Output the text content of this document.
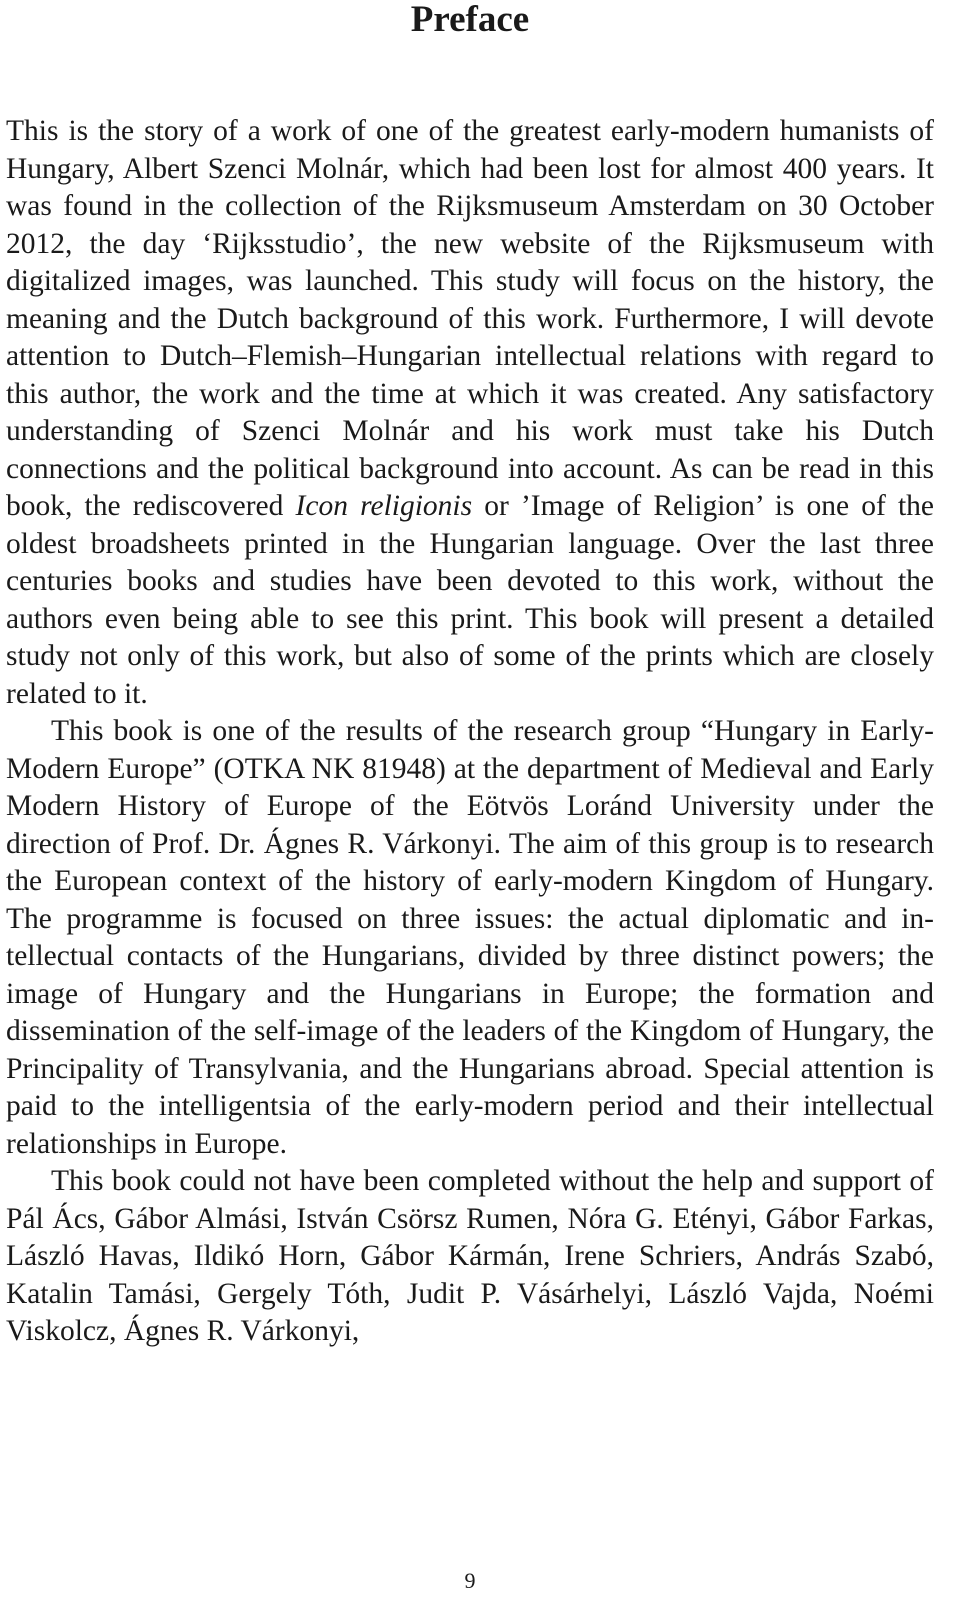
Preface

This is the story of a work of one of the greatest early-modern humanists of Hungary, Albert Szenci Molnár, which had been lost for almost 400 years. It was found in the collection of the Rijksmuseum Amsterdam on 30 October 2012, the day ‘Rijksstudio’, the new website of the Rijksmuseum with digitalized images, was launched. This study will focus on the history, the meaning and the Dutch background of this work. Furthermore, I will devote attention to Dutch–Flemish–Hungarian intellectual relations with regard to this author, the work and the time at which it was created. Any satisfactory understanding of Szenci Molnár and his work must take his Dutch connections and the political background into account. As can be read in this book, the rediscovered Icon religionis or ’Image of Religion’ is one of the oldest broadsheets printed in the Hungarian language. Over the last three centuries books and studies have been devoted to this work, without the authors even being able to see this print. This book will present a detailed study not only of this work, but also of some of the prints which are closely related to it.

This book is one of the results of the research group “Hungary in Early-Modern Europe” (OTKA NK 81948) at the department of Medieval and Early Modern History of Europe of the Eötvös Loránd University under the direction of Prof. Dr. Ágnes R. Várkonyi. The aim of this group is to research the European context of the history of early-modern Kingdom of Hungary. The programme is focused on three issues: the actual diplomatic and intellectual contacts of the Hungarians, divided by three distinct powers; the image of Hungary and the Hungarians in Europe; the formation and dissemination of the self-image of the leaders of the Kingdom of Hungary, the Principality of Transylvania, and the Hungarians abroad. Special attention is paid to the intelligentsia of the early-modern period and their intellectual relationships in Europe.

This book could not have been completed without the help and support of Pál Ács, Gábor Almási, István Csörsz Rumen, Nóra G. Etényi, Gábor Farkas, László Havas, Ildikó Horn, Gábor Kármán, Irene Schriers, András Szabó, Katalin Tamási, Gergely Tóth, Judit P. Vásárhelyi, László Vajda, Noémi Viskolcz, Ágnes R. Várkonyi,

9
